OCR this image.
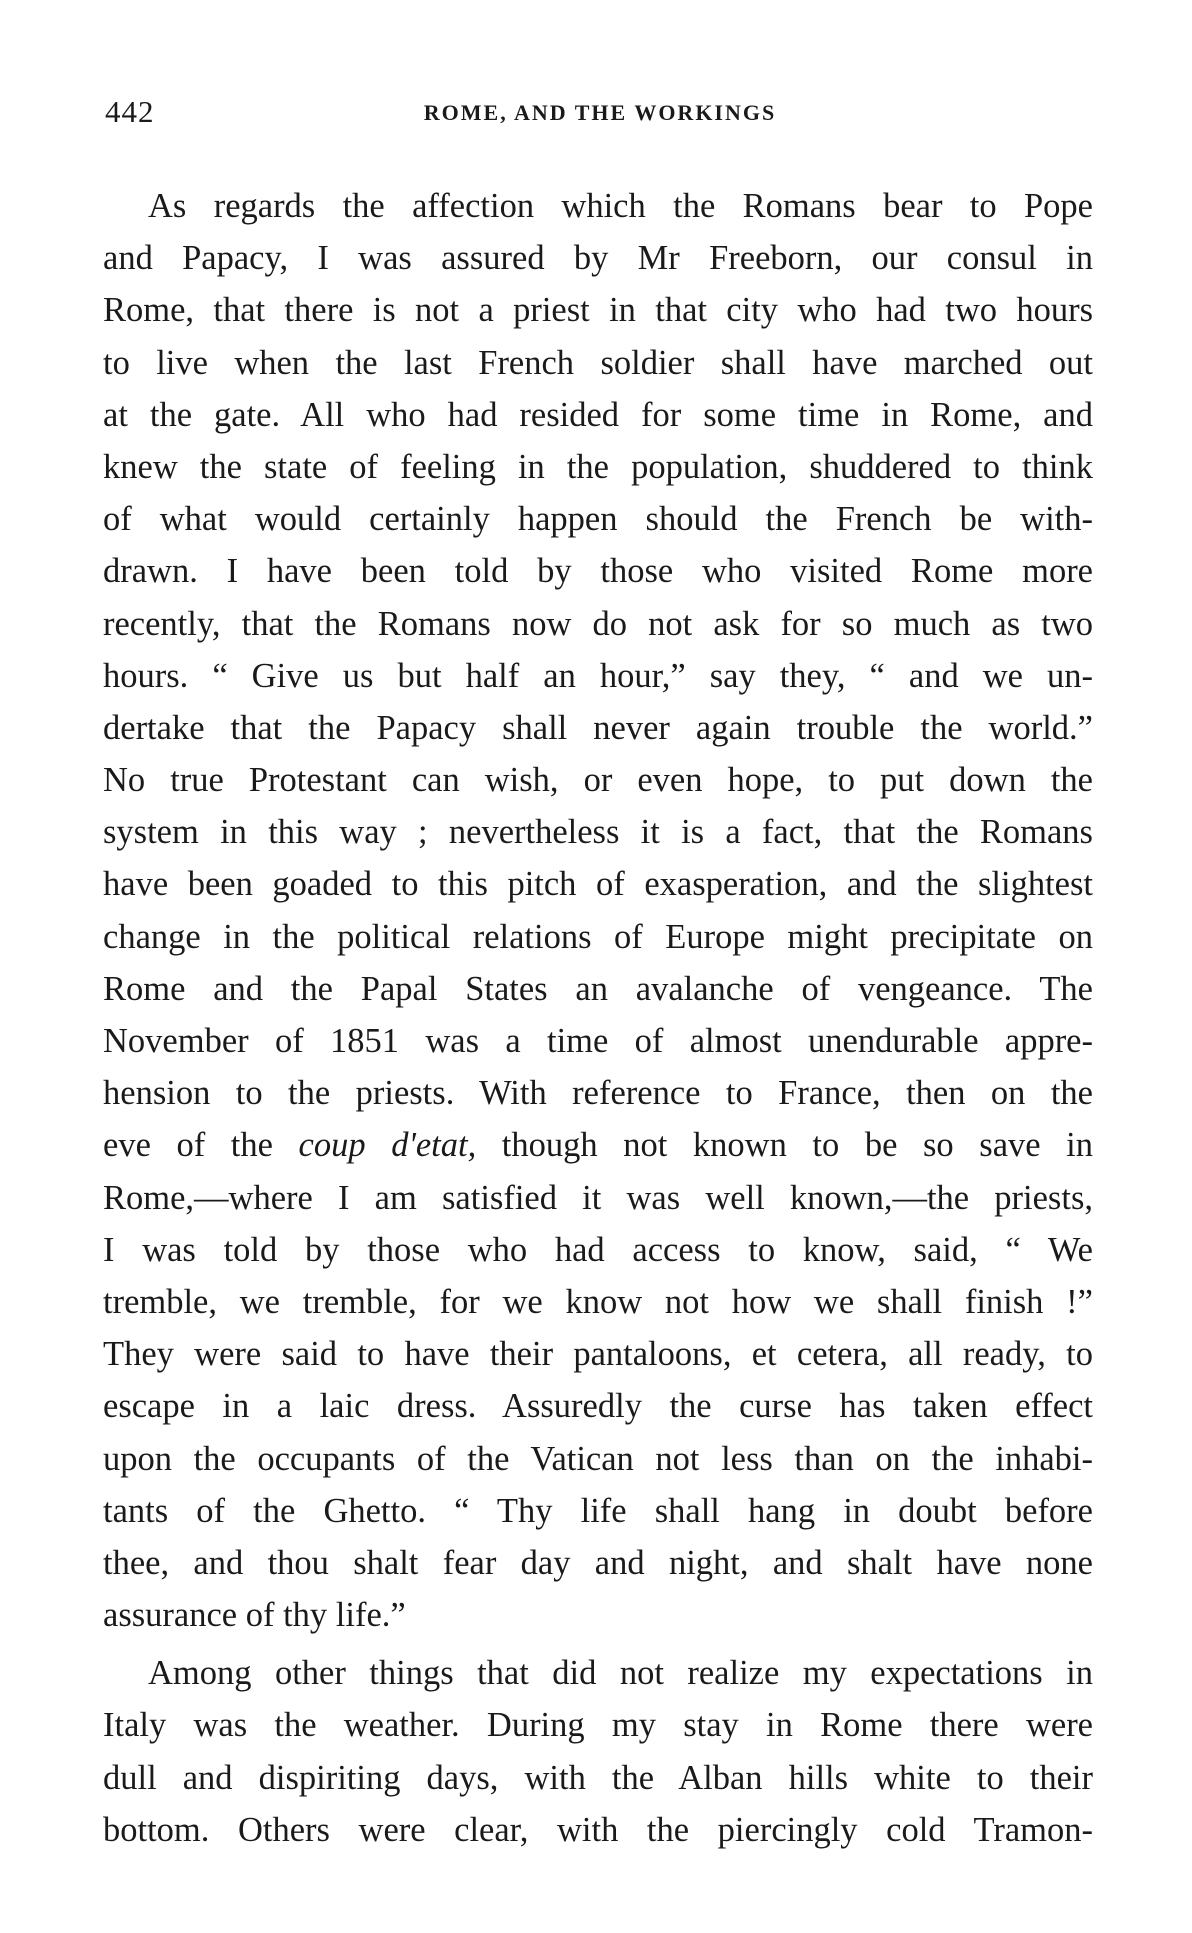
442	ROME, AND THE WORKINGS
As regards the affection which the Romans bear to Pope
and Papacy, I was assured by Mr Freeborn, our consul in
Rome, that there is not a priest in that city who had two hours
to live when the last French soldier shall have marched out
at the gate. All who had resided for some time in Rome, and
knew the state of feeling in the population, shuddered to think
of what would certainly happen should the French be with-
drawn. I have been told by those who visited Rome more
recently, that the Romans now do not ask for so much as two
hours. “ Give us but half an hour,” say they, “ and we un-
dertake that the Papacy shall never again trouble the world.”
No true Protestant can wish, or even hope, to put down the
system in this way ; nevertheless it is a fact, that the Romans
have been goaded to this pitch of exasperation, and the slightest
change in the political relations of Europe might precipitate on
Rome and the Papal States an avalanche of vengeance. The
November of 1851 was a time of almost unendurable appre-
hension to the priests. With reference to France, then on the
eve of the coup d'etat, though not known to be so save in
Rome,—where I am satisfied it was well known,—the priests,
I was told by those who had access to know, said, “ We
tremble, we tremble, for we know not how we shall finish !”
They were said to have their pantaloons, et cetera, all ready, to
escape in a laic dress. Assuredly the curse has taken effect
upon the occupants of the Vatican not less than on the inhabi-
tants of the Ghetto. “ Thy life shall hang in doubt before
thee, and thou shalt fear day and night, and shalt have none
assurance of thy life.”
Among other things that did not realize my expectations in
Italy was the weather. During my stay in Rome there were
dull and dispiriting days, with the Alban hills white to their
bottom. Others were clear, with the piercingly cold Tramon-
